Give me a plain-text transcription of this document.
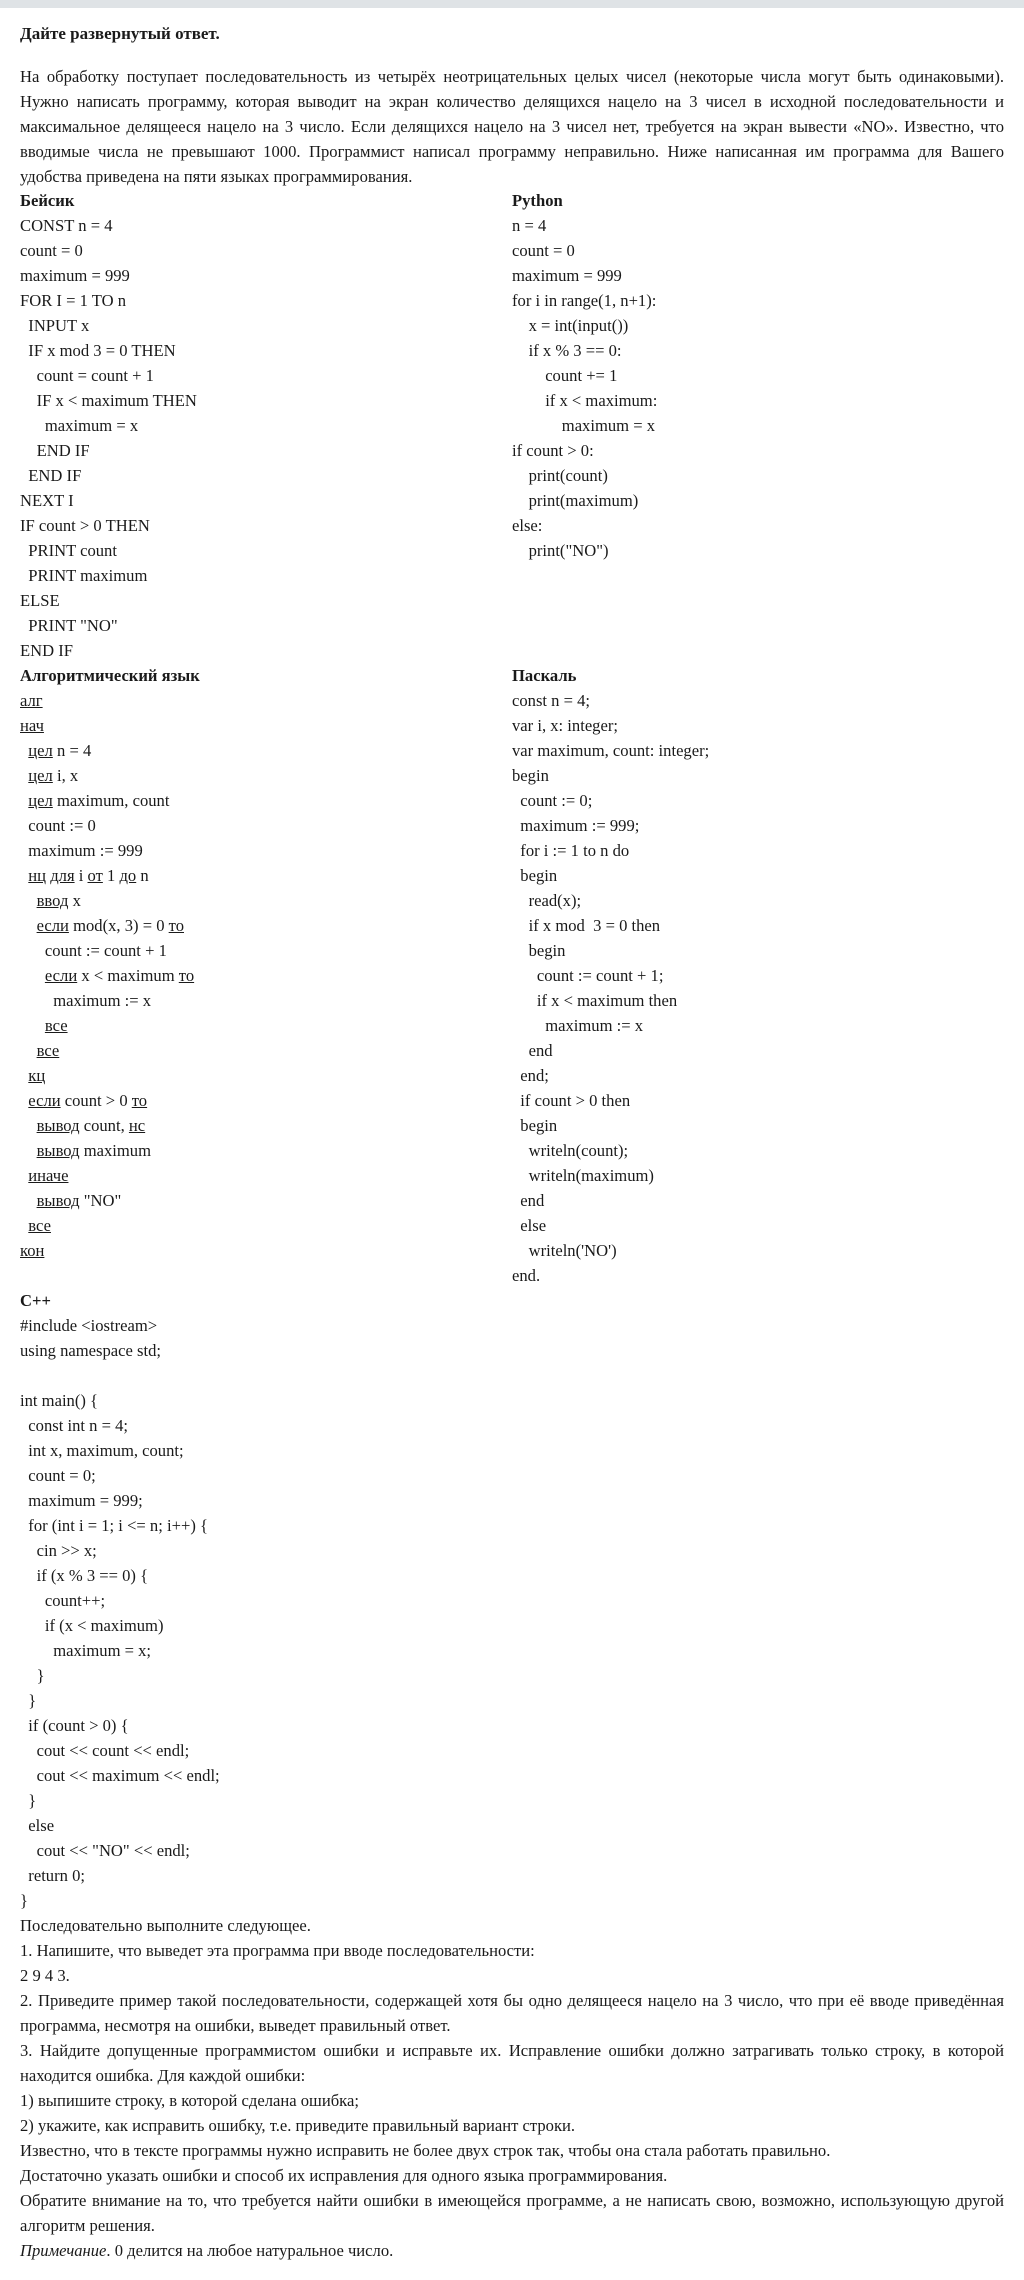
Дайте развернутый ответ.
На обработку поступает последовательность из четырёх неотрицательных целых чисел (некоторые числа могут быть одинаковыми). Нужно написать программу, которая выводит на экран количество делящихся нацело на 3 чисел в исходной последовательности и максимальное делящееся нацело на 3 число. Если делящихся нацело на 3 чисел нет, требуется на экран вывести «NO». Известно, что вводимые числа не превышают 1000. Программист написал программу неправильно. Ниже написанная им программа для Вашего удобства приведена на пяти языках программирования.
Бейсик
CONST n = 4
count = 0
maximum = 999
FOR I = 1 TO n
INPUT x
IF x mod 3 = 0 THEN
count = count + 1
IF x < maximum THEN
maximum = x
END IF
END IF
NEXT I
IF count > 0 THEN
PRINT count
PRINT maximum
ELSE
PRINT "NO"
END IF
Python
n = 4
count = 0
maximum = 999
for i in range(1, n+1):
x = int(input())
if x % 3 == 0:
count += 1
if x < maximum:
maximum = x
if count > 0:
print(count)
print(maximum)
else:
print("NO")
Алгоритмический язык
алг
нач
цел n = 4
цел i, x
цел maximum, count
count := 0
maximum := 999
нц для i от 1 до n
ввод x
если mod(x, 3) = 0 то
count := count + 1
если x < maximum то
maximum := x
все
все
кц
если count > 0 то
вывод count, нс
вывод maximum
иначе
вывод "NO"
все
кон
Паскаль
const n = 4;
var i, x: integer;
var maximum, count: integer;
begin
count := 0;
maximum := 999;
for i := 1 to n do
begin
read(x);
if x mod  3 = 0 then
begin
count := count + 1;
if x < maximum then
maximum := x
end
end;
if count > 0 then
begin
writeln(count);
writeln(maximum)
end
else
writeln('NO')
end.
C++
#include <iostream>
using namespace std;
int main() {
const int n = 4;
int x, maximum, count;
count = 0;
maximum = 999;
for (int i = 1; i <= n; i++) {
cin >> x;
if (x % 3 == 0) {
count++;
if (x < maximum)
maximum = x;
}
}
if (count > 0) {
cout << count << endl;
cout << maximum << endl;
}
else
cout << "NO" << endl;
return 0;
}
Последовательно выполните следующее.
1. Напишите, что выведет эта программа при вводе последовательности:
2 9 4 3.
2. Приведите пример такой последовательности, содержащей хотя бы одно делящееся нацело на 3 число, что при её вводе приведённая программа, несмотря на ошибки, выведет правильный ответ.
3. Найдите допущенные программистом ошибки и исправьте их. Исправление ошибки должно затрагивать только строку, в которой находится ошибка. Для каждой ошибки:
1) выпишите строку, в которой сделана ошибка;
2) укажите, как исправить ошибку, т.е. приведите правильный вариант строки.
Известно, что в тексте программы нужно исправить не более двух строк так, чтобы она стала работать правильно.
Достаточно указать ошибки и способ их исправления для одного языка программирования.
Обратите внимание на то, что требуется найти ошибки в имеющейся программе, а не написать свою, возможно, использующую другой алгоритм решения.
Примечание. 0 делится на любое натуральное число.
